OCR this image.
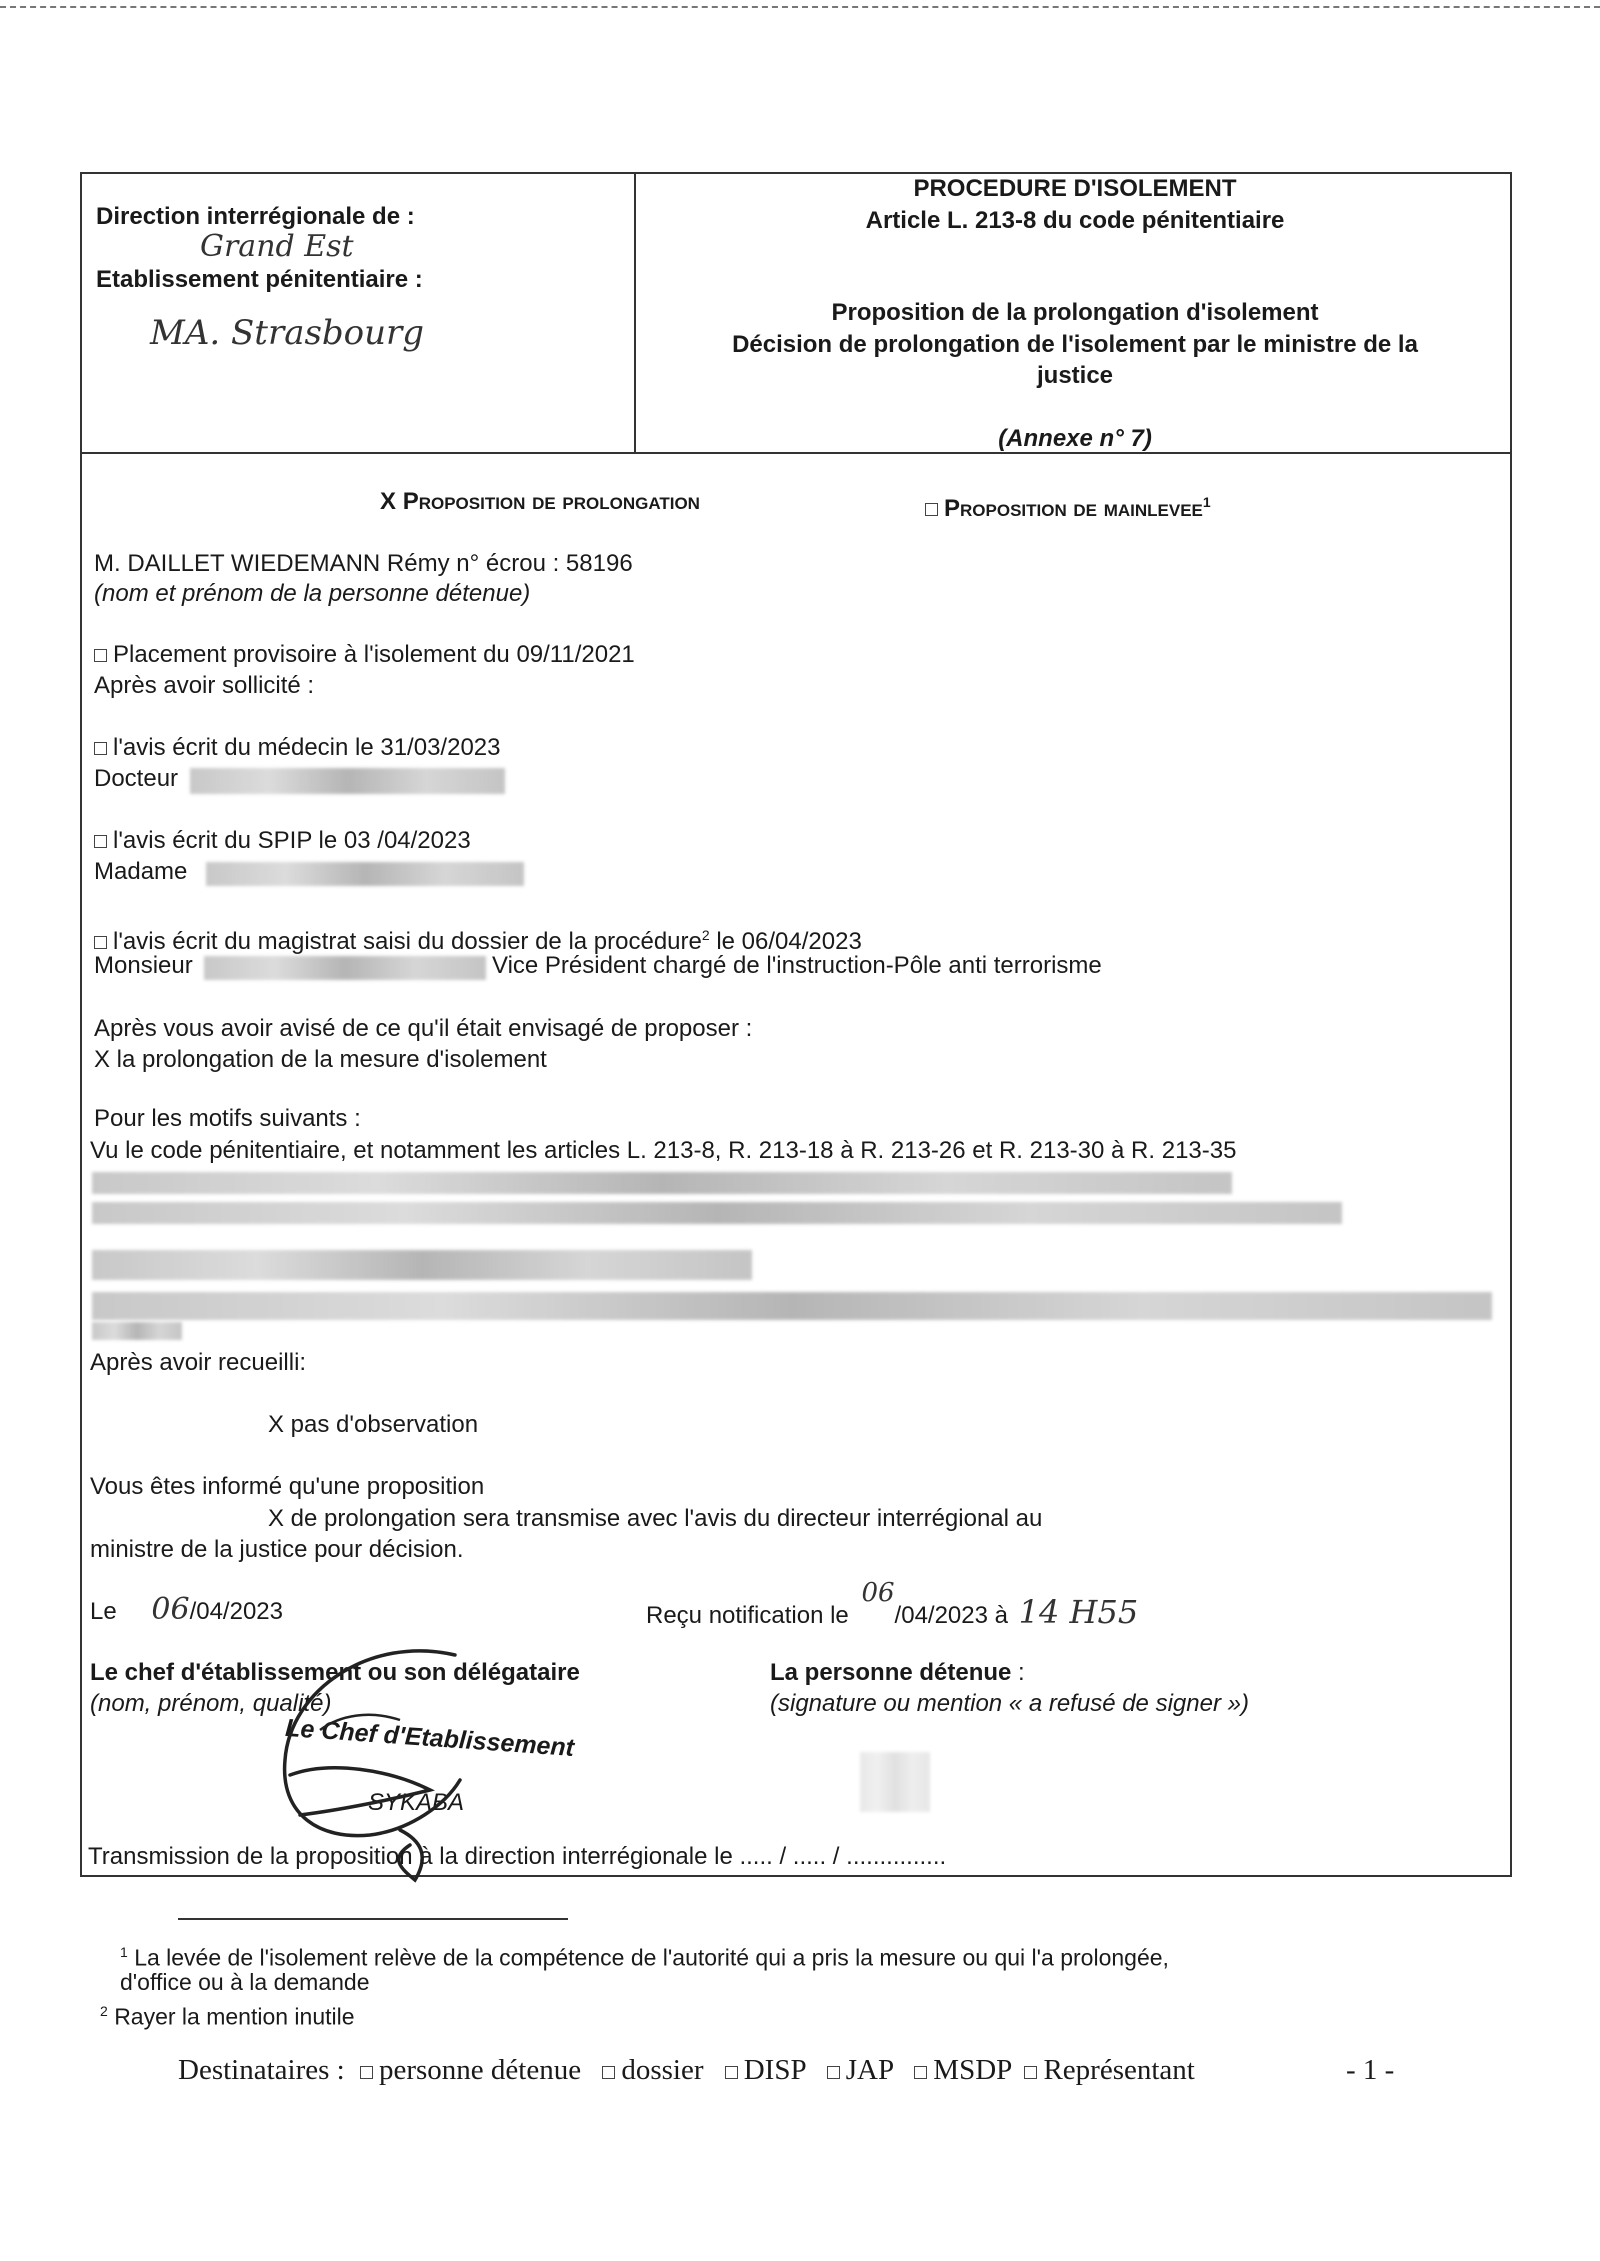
Direction interrégionale de :
Grand Est
Etablissement pénitentiaire :
MA. Strasbourg
PROCEDURE D'ISOLEMENT
Article L. 213-8 du code pénitentiaire
Proposition de la prolongation d'isolement
Décision de prolongation de l'isolement par le ministre de la
justice
(Annexe n° 7)
X Proposition de prolongation	Proposition de mainlevee$^1$
M. DAILLET WIEDEMANN Rémy n° écrou : 58196
(nom et prénom de la personne détenue)
Placement provisoire à l'isolement du 09/11/2021
Après avoir sollicité :
l'avis écrit du médecin le 31/03/2023
Docteur
l'avis écrit du SPIP le 03 /04/2023
Madame
l'avis écrit du magistrat saisi du dossier de la procédure$^2$ le 06/04/2023
Monsieur	Vice Président chargé de l'instruction-Pôle anti terrorisme
Après vous avoir avisé de ce qu'il était envisagé de proposer :
X la prolongation de la mesure d'isolement
Pour les motifs suivants :
Vu le code pénitentiaire, et notamment les articles L. 213-8, R. 213-18 à R. 213-26 et R. 213-30 à R. 213-35
Après avoir recueilli:
X pas d'observation
Vous êtes informé qu'une proposition
X de prolongation sera transmise avec l'avis du directeur interrégional au
ministre de la justice pour décision.
Le 06/04/2023	Reçu notification le 06/04/2023 à 14 H55
Le chef d'établissement ou son délégataire
(nom, prénom, qualité)
La personne détenue :
(signature ou mention « a refusé de signer »)
Le Chef d'Etablissement
SYKABA
Transmission de la proposition à la direction interrégionale le ..... / ..... / ...............
$^1$ La levée de l'isolement relève de la compétence de l'autorité qui a pris la mesure ou qui l'a prolongée,
d'office ou à la demande
$^2$ Rayer la mention inutile
Destinataires : personne détenue dossier DISP JAP MSDP Représentant	- 1 -
